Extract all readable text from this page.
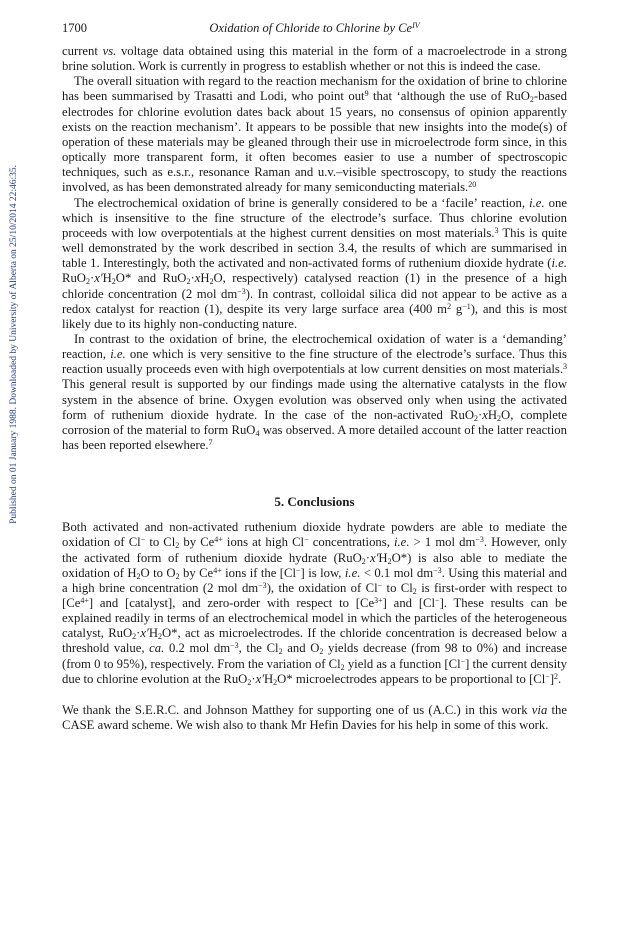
Published on 01 January 1988. Downloaded by University of Alberta on 25/10/2014 22:46:35.
1700	Oxidation of Chloride to Chlorine by $Ce^{IV}$

current vs. voltage data obtained using this material in the form of a macroelectrode in a strong brine solution. Work is currently in progress to establish whether or not this is indeed the case.

The overall situation with regard to the reaction mechanism for the oxidation of brine to chlorine has been summarised by Trasatti and Lodi, who point out$^9$ that ‘although the use of RuO$_2$-based electrodes for chlorine evolution dates back about 15 years, no consensus of opinion apparently exists on the reaction mechanism’. It appears to be possible that new insights into the mode(s) of operation of these materials may be gleaned through their use in microelectrode form since, in this optically more transparent form, it often becomes easier to use a number of spectroscopic techniques, such as e.s.r., resonance Raman and u.v.–visible spectroscopy, to study the reactions involved, as has been demonstrated already for many semiconducting materials.$^{20}$

The electrochemical oxidation of brine is generally considered to be a ‘facile’ reaction, i.e. one which is insensitive to the fine structure of the electrode’s surface. Thus chlorine evolution proceeds with low overpotentials at the highest current densities on most materials.$^3$ This is quite well demonstrated by the work described in section 3.4, the results of which are summarised in table 1. Interestingly, both the activated and non-activated forms of ruthenium dioxide hydrate (i.e. $RuO_2\cdot x'H_2O*$ and $RuO_2\cdot xH_2O$, respectively) catalysed reaction (1) in the presence of a high chloride concentration (2 mol $dm^{-3}$). In contrast, colloidal silica did not appear to be active as a redox catalyst for reaction (1), despite its very large surface area (400 $m^2$ $g^{-1}$), and this is most likely due to its highly non-conducting nature.

In contrast to the oxidation of brine, the electrochemical oxidation of water is a ‘demanding’ reaction, i.e. one which is very sensitive to the fine structure of the electrode’s surface. Thus this reaction usually proceeds even with high overpotentials at low current densities on most materials.$^3$ This general result is supported by our findings made using the alternative catalysts in the flow system in the absence of brine. Oxygen evolution was observed only when using the activated form of ruthenium dioxide hydrate. In the case of the non-activated $RuO_2\cdot xH_2O$, complete corrosion of the material to form RuO$_4$ was observed. A more detailed account of the latter reaction has been reported elsewhere.$^7$

5. Conclusions

Both activated and non-activated ruthenium dioxide hydrate powders are able to mediate the oxidation of Cl− to $Cl_2$ by $Ce^{4+}$ ions at high Cl− concentrations, i.e. > 1 mol $dm^{-3}$. However, only the activated form of ruthenium dioxide hydrate $(RuO_2\cdot x'H_2O*)$ is also able to mediate the oxidation of $H_2O$ to $O_2$ by $Ce^{4+}$ ions if the [Cl−] is low, i.e. < 0.1 mol $dm^{-3}$. Using this material and a high brine concentration (2 mol $dm^{-3}$), the oxidation of Cl− to $Cl_2$ is first-order with respect to $[Ce^{4+}]$ and [catalyst], and zero-order with respect to $[Ce^{3+}]$ and [Cl−]. These results can be explained readily in terms of an electrochemical model in which the particles of the heterogeneous catalyst, $RuO_2\cdot x'H_2O*$, act as microelectrodes. If the chloride concentration is decreased below a threshold value, ca. 0.2 mol $dm^{-3}$, the $Cl_2$ and $O_2$ yields decrease (from 98 to 0%) and increase (from 0 to 95%), respectively. From the variation of $Cl_2$ yield as a function [Cl−] the current density due to chlorine evolution at the $RuO_2\cdot x'H_2O*$ microelectrodes appears to be proportional to $[Cl^-]^2$.

We thank the S.E.R.C. and Johnson Matthey for supporting one of us (A.C.) in this work via the CASE award scheme. We wish also to thank Mr Hefin Davies for his help in some of this work.
